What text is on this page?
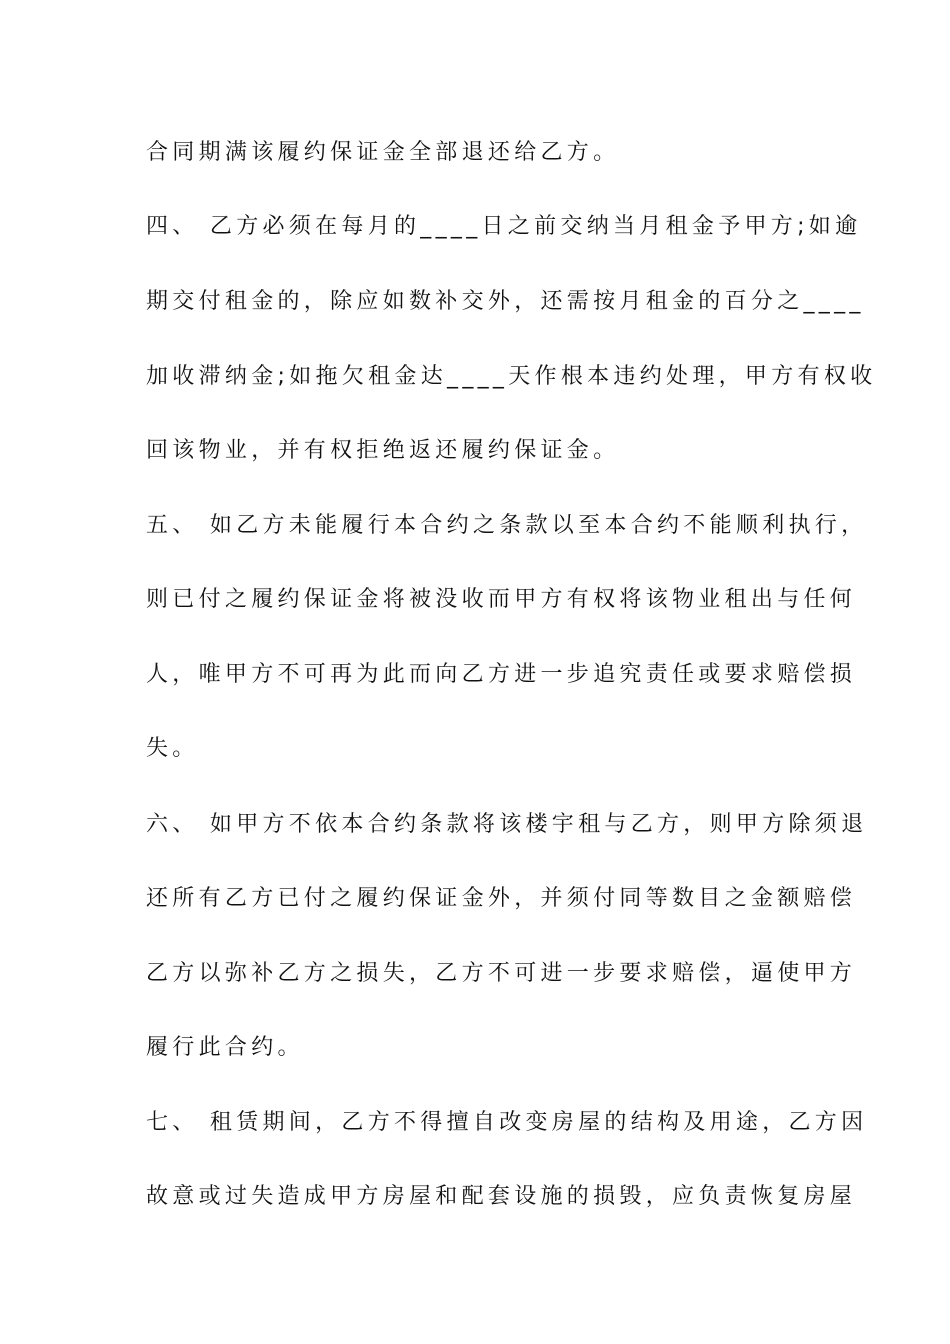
合同期满该履约保证金全部退还给乙方。
四、 乙方必须在每月的____日之前交纳当月租金予甲方;如逾
期交付租金的，除应如数补交外，还需按月租金的百分之____
加收滞纳金;如拖欠租金达____天作根本违约处理，甲方有权收
回该物业，并有权拒绝返还履约保证金。
五、 如乙方未能履行本合约之条款以至本合约不能顺利执行，
则已付之履约保证金将被没收而甲方有权将该物业租出与任何
人，唯甲方不可再为此而向乙方进一步追究责任或要求赔偿损
失。
六、 如甲方不依本合约条款将该楼宇租与乙方，则甲方除须退
还所有乙方已付之履约保证金外，并须付同等数目之金额赔偿
乙方以弥补乙方之损失，乙方不可进一步要求赔偿，逼使甲方
履行此合约。
七、 租赁期间，乙方不得擅自改变房屋的结构及用途，乙方因
故意或过失造成甲方房屋和配套设施的损毁，应负责恢复房屋
